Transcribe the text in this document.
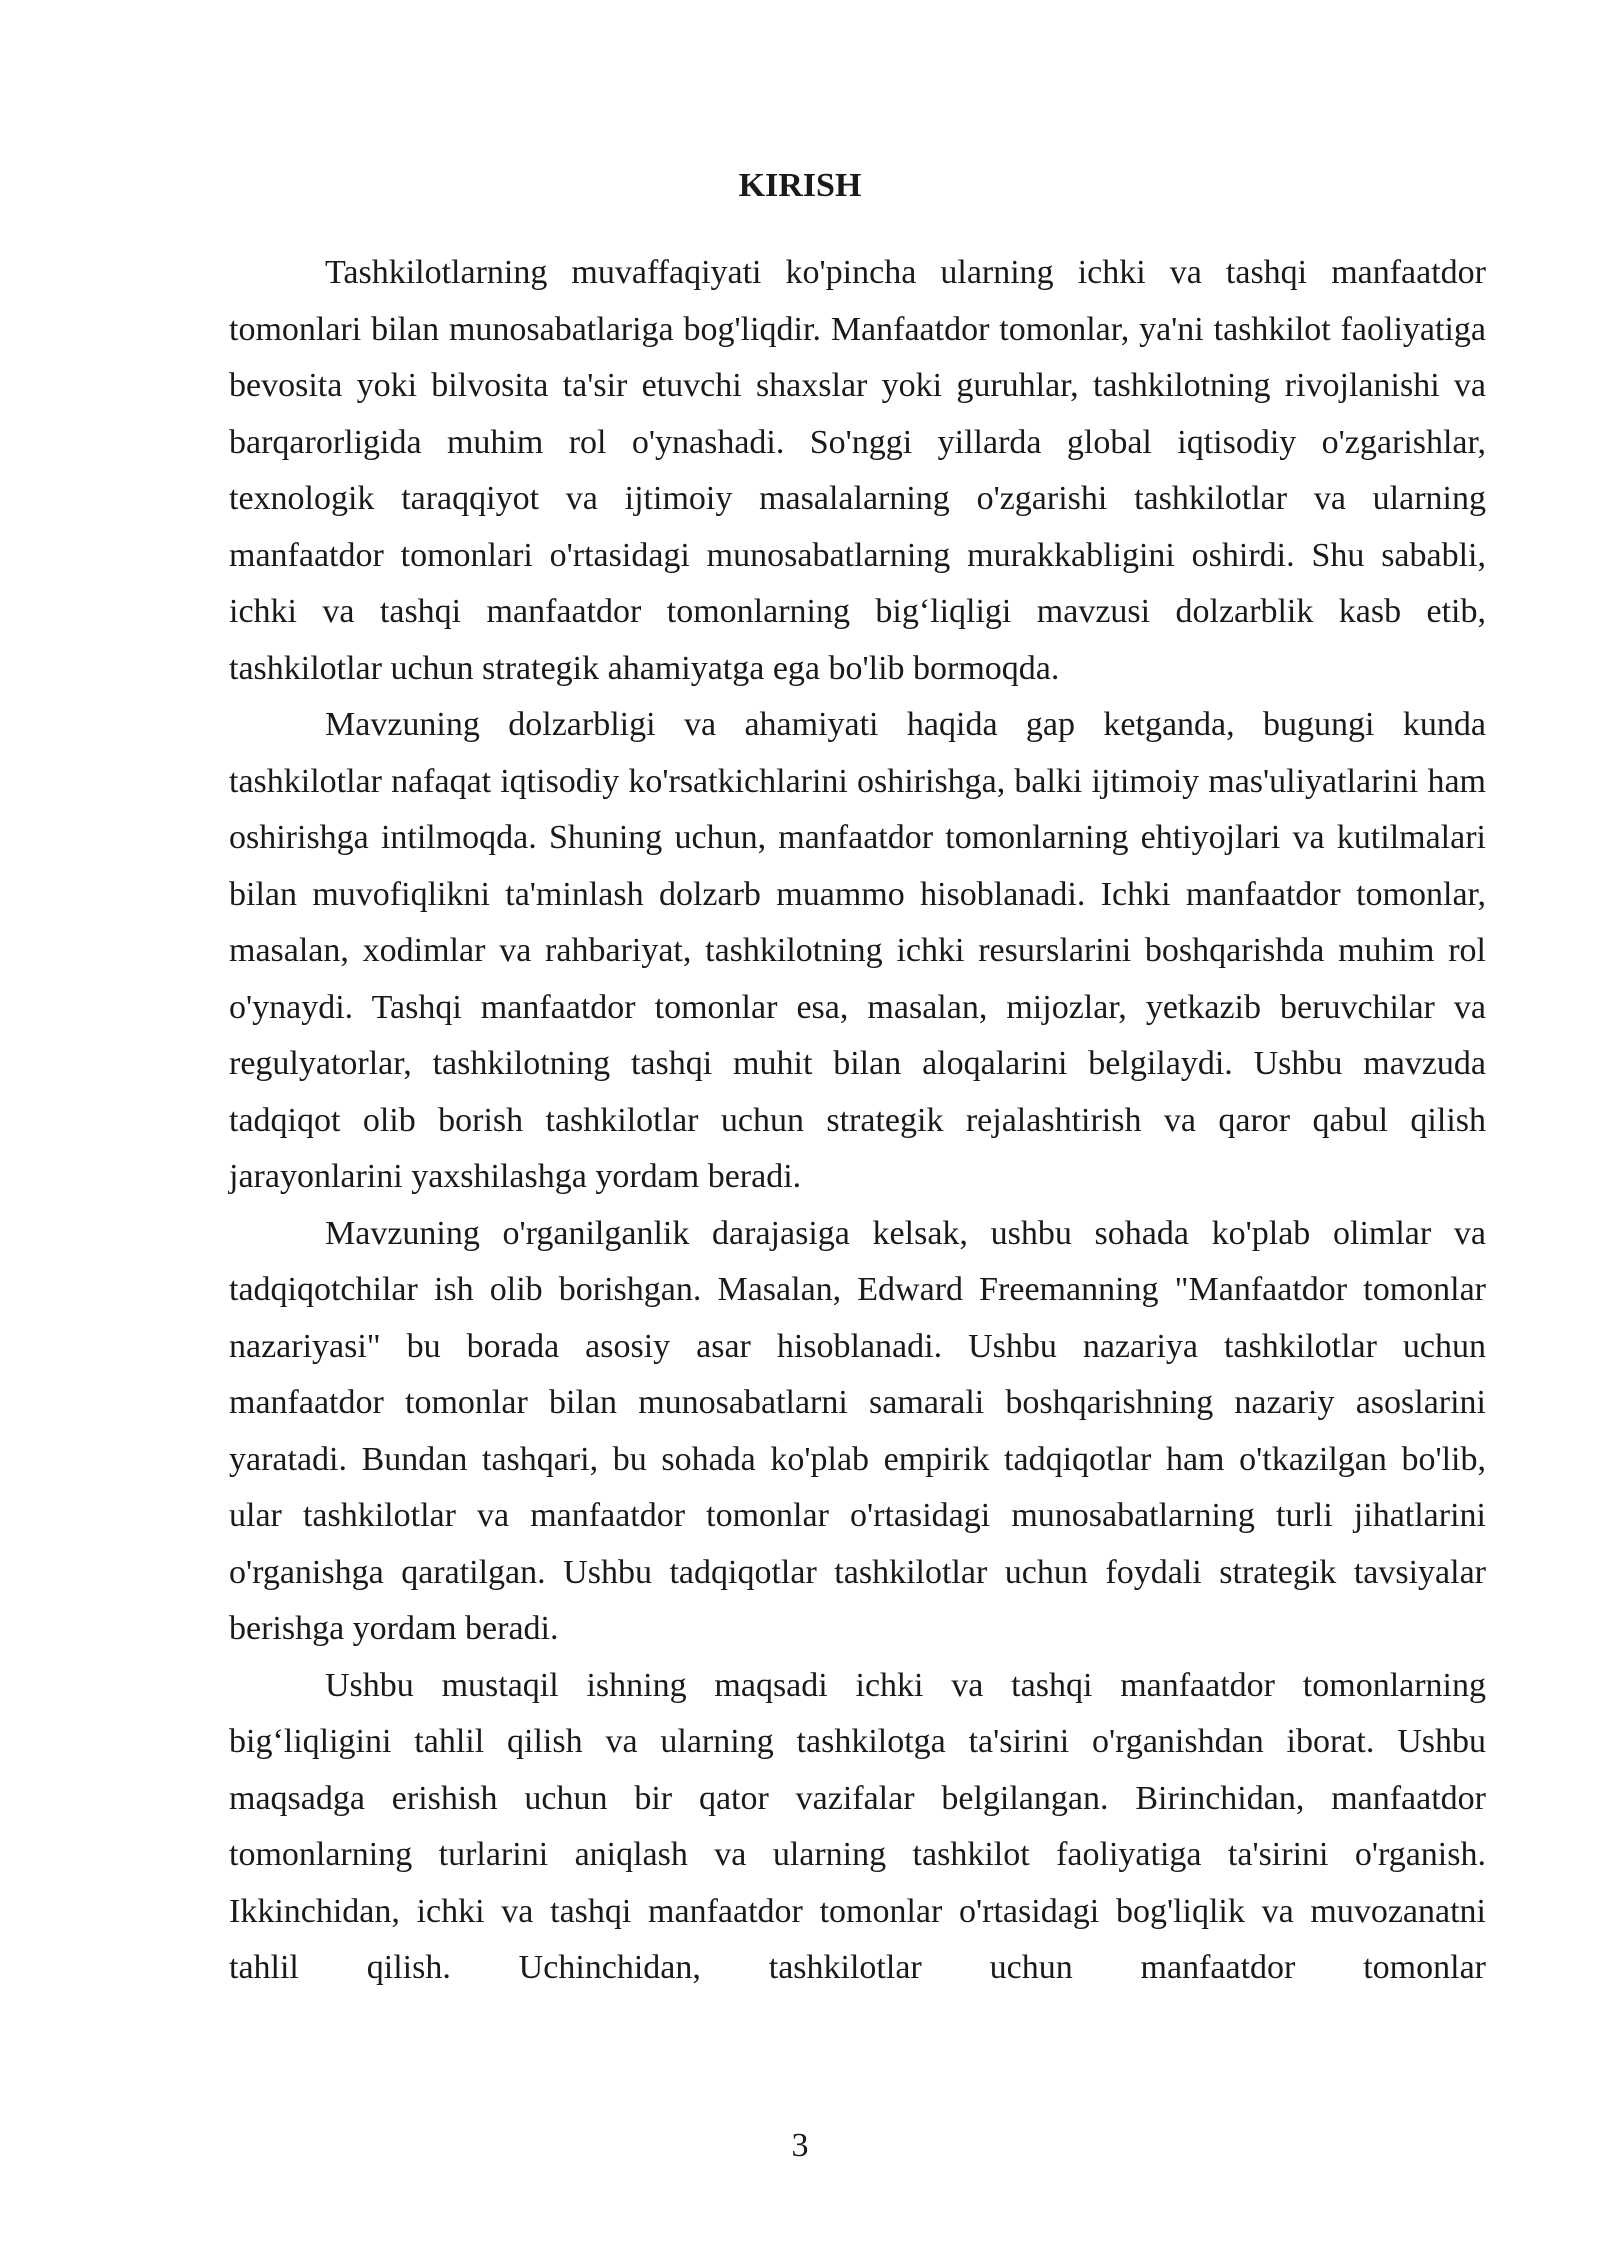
KIRISH

Tashkilotlarning muvaffaqiyati ko'pincha ularning ichki va tashqi manfaatdor tomonlari bilan munosabatlariga bog'liqdir. Manfaatdor tomonlar, ya'ni tashkilot faoliyatiga bevosita yoki bilvosita ta'sir etuvchi shaxslar yoki guruhlar, tashkilotning rivojlanishi va barqarorligida muhim rol o'ynashadi. So'nggi yillarda global iqtisodiy o'zgarishlar, texnologik taraqqiyot va ijtimoiy masalalarning o'zgarishi tashkilotlar va ularning manfaatdor tomonlari o'rtasidagi munosabatlarning murakkabligini oshirdi. Shu sababli, ichki va tashqi manfaatdor tomonlarning big‘liqligi mavzusi dolzarblik kasb etib, tashkilotlar uchun strategik ahamiyatga ega bo'lib bormoqda.

Mavzuning dolzarbligi va ahamiyati haqida gap ketganda, bugungi kunda tashkilotlar nafaqat iqtisodiy ko'rsatkichlarini oshirishga, balki ijtimoiy mas'uliyatlarini ham oshirishga intilmoqda. Shuning uchun, manfaatdor tomonlarning ehtiyojlari va kutilmalari bilan muvofiqlikni ta'minlash dolzarb muammo hisoblanadi. Ichki manfaatdor tomonlar, masalan, xodimlar va rahbariyat, tashkilotning ichki resurslarini boshqarishda muhim rol o'ynaydi. Tashqi manfaatdor tomonlar esa, masalan, mijozlar, yetkazib beruvchilar va regulyatorlar, tashkilotning tashqi muhit bilan aloqalarini belgilaydi. Ushbu mavzuda tadqiqot olib borish tashkilotlar uchun strategik rejalashtirish va qaror qabul qilish jarayonlarini yaxshilashga yordam beradi.

Mavzuning o'rganilganlik darajasiga kelsak, ushbu sohada ko'plab olimlar va tadqiqotchilar ish olib borishgan. Masalan, Edward Freemanning "Manfaatdor tomonlar nazariyasi" bu borada asosiy asar hisoblanadi. Ushbu nazariya tashkilotlar uchun manfaatdor tomonlar bilan munosabatlarni samarali boshqarishning nazariy asoslarini yaratadi. Bundan tashqari, bu sohada ko'plab empirik tadqiqotlar ham o'tkazilgan bo'lib, ular tashkilotlar va manfaatdor tomonlar o'rtasidagi munosabatlarning turli jihatlarini o'rganishga qaratilgan. Ushbu tadqiqotlar tashkilotlar uchun foydali strategik tavsiyalar berishga yordam beradi.

Ushbu mustaqil ishning maqsadi ichki va tashqi manfaatdor tomonlarning big‘liqligini tahlil qilish va ularning tashkilotga ta'sirini o'rganishdan iborat. Ushbu maqsadga erishish uchun bir qator vazifalar belgilangan. Birinchidan, manfaatdor tomonlarning turlarini aniqlash va ularning tashkilot faoliyatiga ta'sirini o'rganish. Ikkinchidan, ichki va tashqi manfaatdor tomonlar o'rtasidagi bog'liqlik va muvozanatni tahlil qilish. Uchinchidan, tashkilotlar uchun manfaatdor tomonlar

3
